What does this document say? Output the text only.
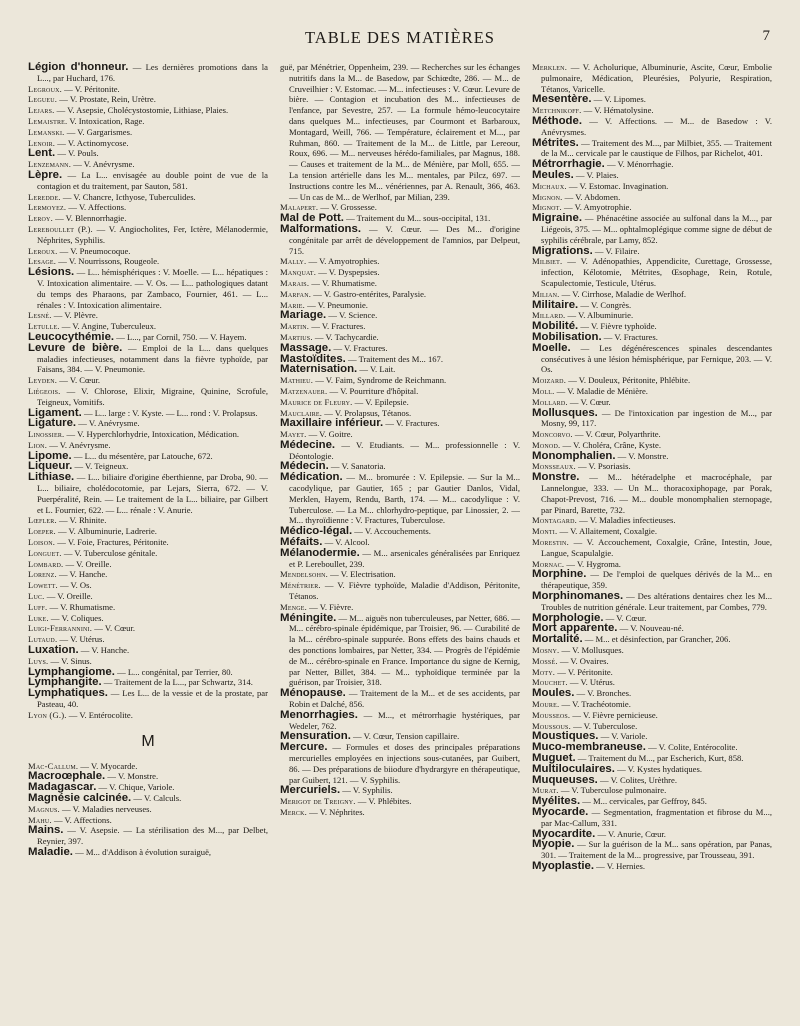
TABLE DES MATIÈRES	7

Légion d'honneur. — Les dernières promotions dans la L..., par Huchard, 176.

Legroux. — V. Péritonite.

Legueu. — V. Prostate, Rein, Urètre.

Lejars. — V. Asepsie, Cholécystostomie, Lithiase, Plaies.

Lemaistre. V. Intoxication, Rage.

Lemanski. — V. Gargarismes.

Lenoir. — V. Actinomycose.

Lent. — V. Pouls.

Lenzemann. — V. Anévrysme.

Lèpre. — La L... envisagée au double point de vue de la contagion et du traitement, par Sauton, 581.

Leredde. — V. Chancre, Icthyose, Tuberculides.

Lermoyez. — V. Affections.

Leroy. — V. Blennorrhagie.

Lereboullet (P.). — V. Angiocholites, Fer, Ictère, Mélanodermie, Néphrites, Syphilis.

Leroux. — V. Pneumocoque.

Lesage. — V. Nourrissons, Rougeole.

Lésions. — L... hémisphériques : V. Moelle. — L... hépatiques : V. Intoxication alimentaire. — V. Os. — L... pathologiques datant du temps des Pharaons, par Zambaco, Fournier, 461. — L... rénales : V. Intoxication alimentaire.

Lesné. — V. Plèvre.

Letulle. — V. Angine, Tuberculeux.

Leucocythémie. — L..., par Cornil, 750. — V. Hayem.

Levure de bière. — Emploi de la L... dans quelques maladies infectieuses, notamment dans la fièvre typhoïde, par Faisans, 384. — V. Pneumonie.

Leyden. — V. Cœur.

Liégeois. — V. Chlorose, Elixir, Migraine, Quinine, Scrofule, Teigneux, Vomitifs.

Ligament. — L... large : V. Kyste. — L... rond : V. Prolapsus.

Ligature. — V. Anévrysme.

Linossier. — V. Hyperchlorhydrie, Intoxication, Médication.

Lion. — V. Anévrysme.

Lipome. — L... du mésentère, par Latouche, 672.

Liqueur. — V. Teigneux.

Lithiase. — L... biliaire d'origine éberthienne, par Droba, 90. — L... biliaire, cholédocotomie, par Lejars, Sierra, 672. — V. Puerpéralité, Rein. — Le traitement de la L... biliaire, par Gilbert et L. Fournier, 622. — L... rénale : V. Anurie.

Lœfler. — V. Rhinite.

Loeper. — V. Albuminurie, Ladrerie.

Loison. — V. Foie, Fractures, Péritonite.

Longuet. — V. Tuberculose génitale.

Lombard. — V. Oreille.

Lorenz. — V. Hanche.

Lowett. — V. Os.

Luc. — V. Oreille.

Luff. — V. Rhumatisme.

Luke. — V. Coliques.

Luigi-Ferrannini. — V. Cœur.

Lutaud. — V. Utérus.

Luxation. — V. Hanche.

Luys. — V. Sinus.

Lymphangiome. — L... congénital, par Terrier, 80.

Lymphangite. — Traitement de la L..., par Schwartz, 314.

Lymphatiques. — Les L... de la vessie et de la prostate, par Pasteau, 40.

Lyon (G.). — V. Entérocolite.

M

Mac-Callum. — V. Myocarde.

Macroœphale. — V. Monstre.

Madagascar. — V. Chique, Variole.

Magnésie calcinée. — V. Calculs.

Magnus. — V. Maladies nerveuses.

Mahu. — V. Affections.

Mains. — V. Asepsie. — La stérilisation des M..., par Delbet, Reynier, 397.

Maladie. — M... d'Addison à évolution suraiguë,

guë, par Ménétrier, Oppenheim, 239. — Recherches sur les échanges nutritifs dans la M... de Basedow, par Schiœdte, 286. — M... de Cruveilhier : V. Estomac. — M... infectieuses : V. Cœur. Levure de bière. — Contagion et incubation des M... infectieuses de l'enfance, par Sevestre, 257. — La formule hémo-leucocytaire dans quelques M... infectieuses, par Courmont et Barbaroux, Montagard, Weill, 766. — Température, éclairement et M..., par Ruhman, 860. — Traitement de la M... de Little, par Lereour, Roux, 696. — M... nerveuses hérédo-familiales, par Magnus, 188. — Causes et traitement de la M... de Ménière, par Moll, 655. — La tension artérielle dans les M... mentales, par Pilcz, 697. — Instructions contre les M... vénériennes, par A. Renault, 366, 463. — Un cas de M... de Werlhof, par Milian, 239.

Malapert. — V. Grossesse.

Mal de Pott. — Traitement du M... sous-occipital, 131.

Malformations. — V. Cœur. — Des M... d'origine congénitale par arrêt de développement de l'amnios, par Delpeut, 715.

Mally. — V. Amyotrophies.

Manquat. — V. Dyspepsies.

Marais. — V. Rhumatisme.

Marfan. — V. Gastro-entérites, Paralysie.

Marie. — V. Pneumonie.

Mariage. — V. Science.

Martin. — V. Fractures.

Martius. — V. Tachycardie.

Massage. — V. Fractures.

Mastoïdites. — Traitement des M... 167.

Maternisation. — V. Lait.

Mathieu. — V. Faim, Syndrome de Reichmann.

Matzenauer. — V. Pourriture d'hôpital.

Maurice de Fleury. — V. Epilepsie.

Mauclaire. — V. Prolapsus, Tétanos.

Maxillaire inférieur. — V. Fractures.

Mayet. — V. Goitre.

Médecine. — V. Etudiants. — M... professionnelle : V. Déontologie.

Médecin. — V. Sanatoria.

Médication. — M... bromurée : V. Epilepsie. — Sur la M... cacodylique, par Gautier, 165 ; par Gautier Danlos, Vidal, Merklen, Hayem, Rendu, Barth, 174. — M... cacodylique : V. Tuberculose. — La M... chlorhydro-peptique, par Linossier, 2. — M... thyroïdienne : V. Fractures, Tuberculose.

Médico-légal. — V. Accouchements.

Méfaits. — V. Alcool.

Mélanodermie. — M... arsenicales généralisées par Enriquez et P. Lereboullet, 239.

Mendelsohn. — V. Electrisation.

Ménétrier. — V. Fièvre typhoïde, Maladie d'Addison, Péritonite, Tétanos.

Menge. — V. Fièvre.

Méningite. — M... aiguës non tuberculeuses, par Netter, 686. — M... cérébro-spinale épidémique, par Troisier, 96. — Curabilité de la M... cérébro-spinale suppurée. Bons effets des bains chauds et des ponctions lombaires, par Netter, 334. — Progrès de l'épidémie de M... cérébro-spinale en France. Importance du signe de Kernig, par Netter, Billet, 384. — M... typhoïdique terminée par la guérison, par Troisier, 318.

Ménopause. — Traitement de la M... et de ses accidents, par Robin et Dalché, 856.

Menorrhagies. — M..., et métrorrhagie hystériques, par Wedeler, 762.

Mensuration. — V. Cœur, Tension capillaire.

Mercure. — Formules et doses des principales préparations mercurielles employées en injections sous-cutanées, par Guibert, 86. — Des préparations de biiodure d'hydrargyre en thérapeutique, par Guibert, 121. — V. Syphilis.

Mercuriels. — V. Syphilis.

Merigot de Treigny. — V. Phlébites.

Merck. — V. Néphrites.

Merklen. — V. Acholurique, Albuminurie, Ascite, Cœur, Embolie pulmonaire, Médication, Pleurésies, Polyurie, Respiration, Tétanos, Varicelle.

Mesentère. — V. Lipomes.

Metchnikoff. — V. Hématolysine.

Méthode. — V. Affections. — M... de Basedow : V. Anévrysmes.

Métrites. — Traitement des M..., par Milbiet, 355. — Traitement de la M... cervicale par le caustique de Filhos, par Richelot, 401.

Métrorrhagie. — V. Ménorrhagie.

Meules. — V. Plaies.

Michaux. — V. Estomac. Invagination.

Mignon. — V. Abdomen.

Mignot. — V. Amyotrophie.

Migraine. — Phénacétine associée au sulfonal dans la M..., par Liégeois, 375. — M... ophtalmoplégique comme signe de début de syphilis cérébrale, par Lamy, 852.

Migrations. — V. Filaire.

Milbiet. — V. Adénopathies, Appendicite, Curettage, Grossesse, infection, Kélotomie, Métrites, Œsophage, Rein, Rotule, Scapulectomie, Testicule, Utérus.

Milian. — V. Cirrhose, Maladie de Werlhof.

Militaire. — V. Congrès.

Millard. — V. Albuminurie.

Mobilité. — V. Fièvre typhoïde.

Mobilisation. — V. Fractures.

Moelle. — Les dégénérescences spinales descendantes consécutives à une lésion hémisphérique, par Fernique, 203. — V. Os.

Moizard. — V. Douleux, Péritonite, Phlébite.

Moll. — V. Maladie de Ménière.

Mollard. — V. Cœur.

Mollusques. — De l'intoxication par ingestion de M..., par Mosny, 99, 117.

Moncorvo. — V. Cœur, Polyarthrite.

Monod. — V. Choléra, Crâne, Kyste.

Monomphalien. — V. Monstre.

Monsseaux. — V. Psoriasis.

Monstre. — M... hétéradelphe et macrocéphale, par Lannelongue, 333. — Un M... thoracoxiphopage, par Porak, Chapot-Prevost, 716. — M... double monomphalien sternopage, par Pinard, Barette, 732.

Montagard. — V. Maladies infectieuses.

Monti. — V. Allaitement, Coxalgie.

Morestin. — V. Accouchement, Coxalgie, Crâne, Intestin, Joue, Langue, Scapulalgie.

Mornac. — V. Hygroma.

Morphine. — De l'emploi de quelques dérivés de la M... en thérapeutique, 359.

Morphinomanes. — Des altérations dentaires chez les M... Troubles de nutrition générale. Leur traitement, par Combes, 779.

Morphologie. — V. Cœur.

Mort apparente. — V. Nouveau-né.

Mortalité. — M... et désinfection, par Grancher, 206.

Mosny. — V. Mollusques.

Mossé. — V. Ovaires.

Moty. — V. Péritonite.

Mouchet. — V. Utérus.

Moules. — V. Bronches.

Moure. — V. Trachéotomie.

Mousseos. — V. Fièvre pernicieuse.

Moussous. — V. Tuberculose.

Moustiques. — V. Variole.

Muco-membraneuse. — V. Colite, Entérocolite.

Muguet. — Traitement du M..., par Escherich, Kurt, 858.

Multiloculaires. — V. Kystes hydatiques.

Muqueuses. — V. Colites, Urèthre.

Murat. — V. Tuberculose pulmonaire.

Myélites. — M... cervicales, par Geffroy, 845.

Myocarde. — Segmentation, fragmentation et fibrose du M..., par Mac-Callum, 331.

Myocardite. — V. Anurie, Cœur.

Myopie. — Sur la guérison de la M... sans opération, par Panas, 301. — Traitement de la M... progressive, par Trousseau, 391.

Myoplastie. — V. Hernies.
